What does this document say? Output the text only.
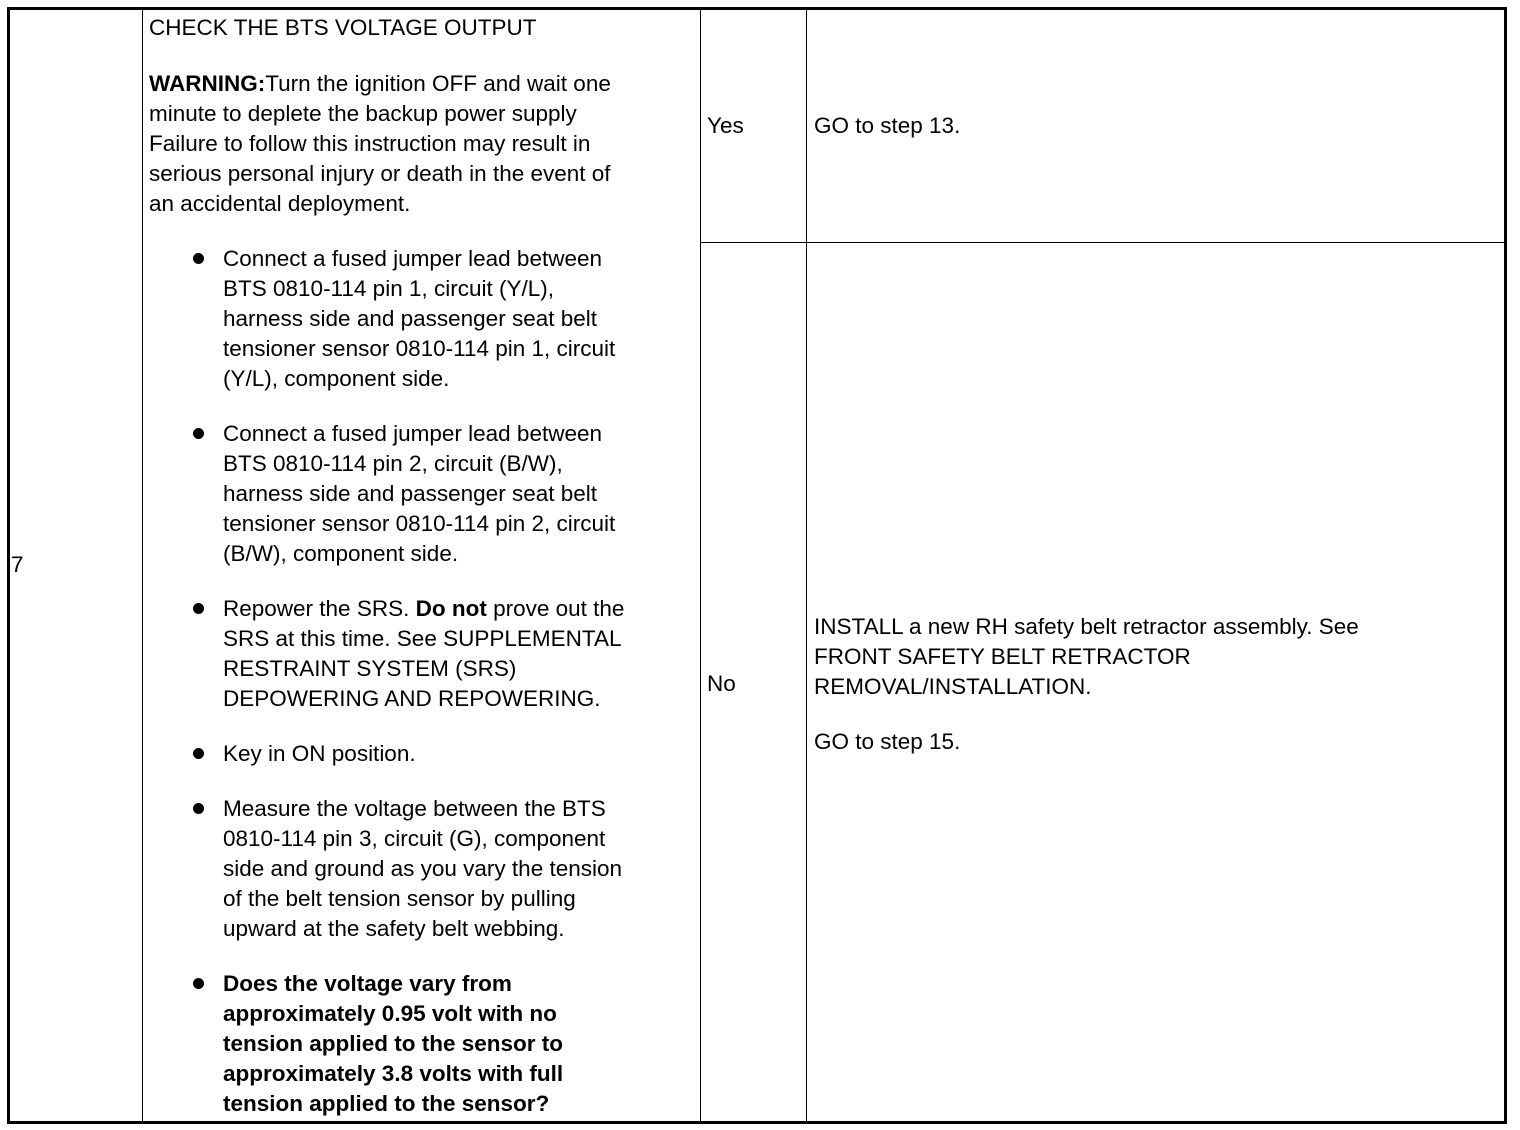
7
CHECK THE BTS VOLTAGE OUTPUT
WARNING:Turn the ignition OFF and wait one
minute to deplete the backup power supply
Failure to follow this instruction may result in
serious personal injury or death in the event of
an accidental deployment.
Connect a fused jumper lead between
BTS 0810-114 pin 1, circuit (Y/L),
harness side and passenger seat belt
tensioner sensor 0810-114 pin 1, circuit
(Y/L), component side.
Connect a fused jumper lead between
BTS 0810-114 pin 2, circuit (B/W),
harness side and passenger seat belt
tensioner sensor 0810-114 pin 2, circuit
(B/W), component side.
Repower the SRS. Do not prove out the
SRS at this time. See SUPPLEMENTAL
RESTRAINT SYSTEM (SRS)
DEPOWERING AND REPOWERING.
Key in ON position.
Measure the voltage between the BTS
0810-114 pin 3, circuit (G), component
side and ground as you vary the tension
of the belt tension sensor by pulling
upward at the safety belt webbing.
Does the voltage vary from
approximately 0.95 volt with no
tension applied to the sensor to
approximately 3.8 volts with full
tension applied to the sensor?
Yes	GO to step 13.
No
INSTALL a new RH safety belt retractor assembly. See
FRONT SAFETY BELT RETRACTOR
REMOVAL/INSTALLATION.
GO to step 15.
